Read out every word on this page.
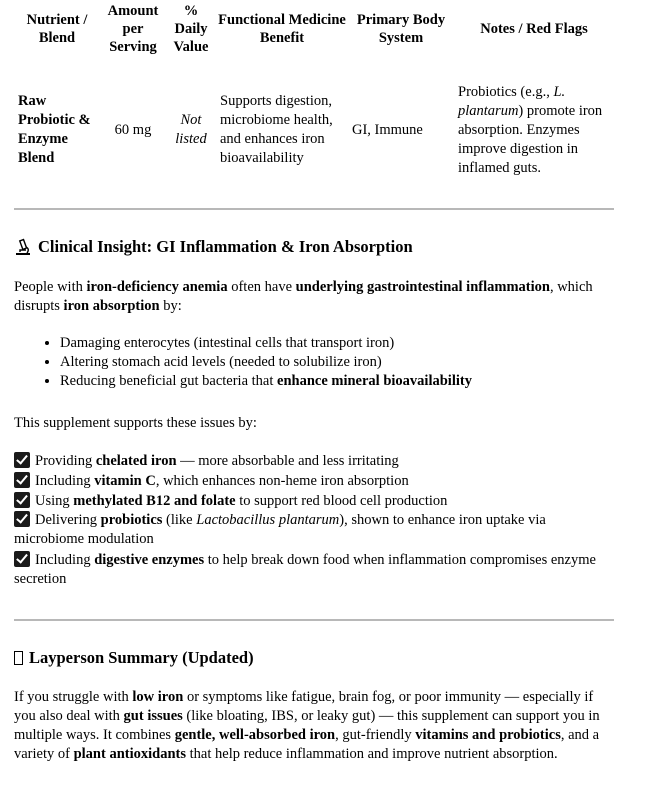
Nutrient / Blend	Amount per Serving	% Daily Value	Functional Medicine Benefit	Primary Body System	Notes / Red Flags
Raw Probiotic & Enzyme Blend	60 mg	Not listed	Supports digestion, microbiome health, and enhances iron bioavailability	GI, Immune	Probiotics (e.g., L. plantarum) promote iron absorption. Enzymes improve digestion in inflamed guts.
Clinical Insight: GI Inflammation & Iron Absorption

People with iron-deficiency anemia often have underlying gastrointestinal inflammation, which disrupts iron absorption by:

• Damaging enterocytes (intestinal cells that transport iron)
• Altering stomach acid levels (needed to solubilize iron)
• Reducing beneficial gut bacteria that enhance mineral bioavailability

This supplement supports these issues by:

Providing chelated iron — more absorbable and less irritating
Including vitamin C, which enhances non-heme iron absorption
Using methylated B12 and folate to support red blood cell production
Delivering probiotics (like Lactobacillus plantarum), shown to enhance iron uptake via microbiome modulation
Including digestive enzymes to help break down food when inflammation compromises enzyme secretion
Layperson Summary (Updated)

If you struggle with low iron or symptoms like fatigue, brain fog, or poor immunity — especially if you also deal with gut issues (like bloating, IBS, or leaky gut) — this supplement can support you in multiple ways. It combines gentle, well-absorbed iron, gut-friendly vitamins and probiotics, and a variety of plant antioxidants that help reduce inflammation and improve nutrient absorption.
